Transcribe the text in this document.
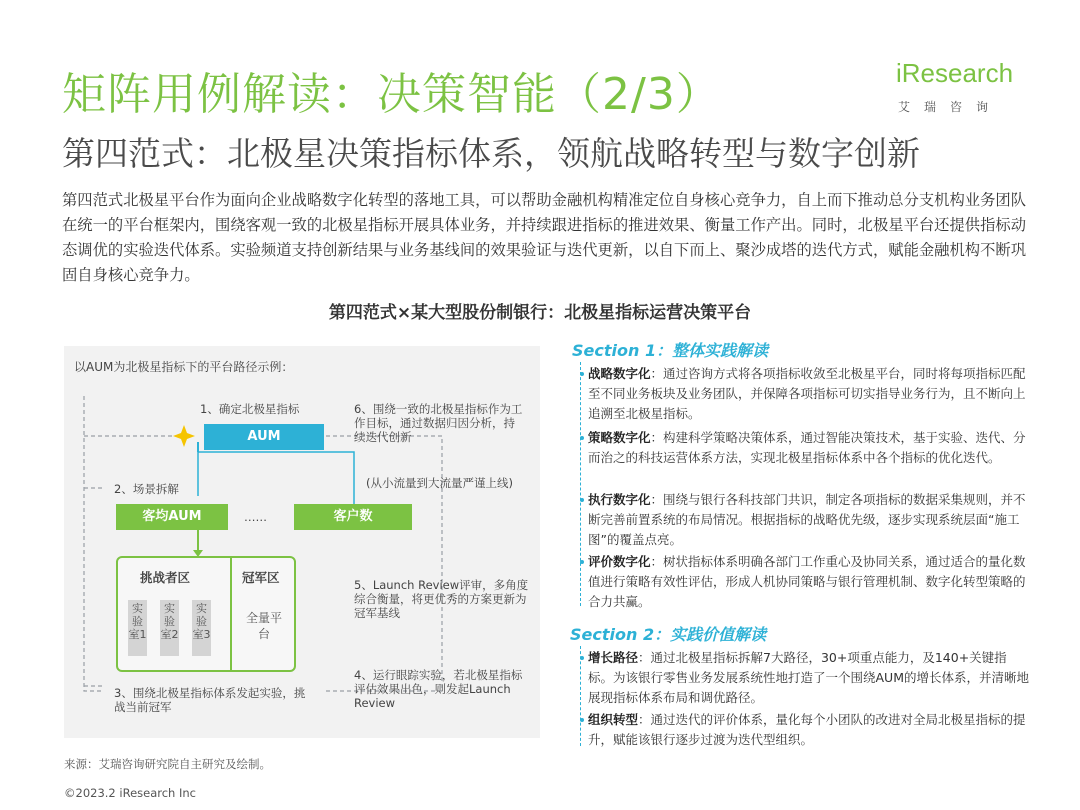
矩阵用例解读：决策智能（2/3）
第四范式：北极星决策指标体系，领航战略转型与数字创新
iResearch
艾瑞咨询

第四范式北极星平台作为面向企业战略数字化转型的落地工具，可以帮助金融机构精准定位自身核心竞争力，自上而下推动总分支机构业务团队在统一的平台框架内，围绕客观一致的北极星指标开展具体业务，并持续跟进指标的推进效果、衡量工作产出。同时，北极星平台还提供指标动态调优的实验迭代体系。实验频道支持创新结果与业务基线间的效果验证与迭代更新，以自下而上、聚沙成塔的迭代方式，赋能金融机构不断巩固自身核心竞争力。

第四范式×某大型股份制银行：北极星指标运营决策平台
以AUM为北极星指标下的平台路径示例：
1、确定北极星指标
AUM
6、围绕一致的北极星指标作为工作目标，通过数据归因分析，持续迭代创新
(从小流量到大流量严谨上线)
2、场景拆解
客均AUM	……	客户数
挑战者区	冠军区
实验室1
实验室2
实验室3
全量平台
5、Launch Review评审，多角度综合衡量，将更优秀的方案更新为冠军基线
4、运行眼踪实验，若北极星指标评估效果出色，则发起Launch Review
3、围绕北极星指标体系发起实验，挑战当前冠军
Section 1：整体实践解读
战略数字化：通过咨询方式将各项指标收敛至北极星平台，同时将每项指标匹配至不同业务板块及业务团队，并保障各项指标可切实指导业务行为，且不断向上追溯至北极星指标。
策略数字化：构建科学策略决策体系，通过智能决策技术，基于实验、迭代、分而治之的科技运营体系方法，实现北极星指标体系中各个指标的优化迭代。
执行数字化：围绕与银行各科技部门共识，制定各项指标的数据采集规则，并不断完善前置系统的布局情况。根据指标的战略优先级，逐步实现系统层面“施工图”的覆盖点亮。
评价数字化：树状指标体系明确各部门工作重心及协同关系，通过适合的量化数值进行策略有效性评估，形成人机协同策略与银行管理机制、数字化转型策略的合力共赢。
Section 2：实践价值解读
增长路径：通过北极星指标拆解7大路径，30+项重点能力，及140+关键指标。为该银行零售业务发展系统性地打造了一个围绕AUM的增长体系，并清晰地展现指标体系布局和调优路径。
组织转型：通过迭代的评价体系，量化每个小团队的改进对全局北极星指标的提升，赋能该银行逐步过渡为迭代型组织。
来源：艾瑞咨询研究院自主研究及绘制。
©2023.2 iResearch Inc
